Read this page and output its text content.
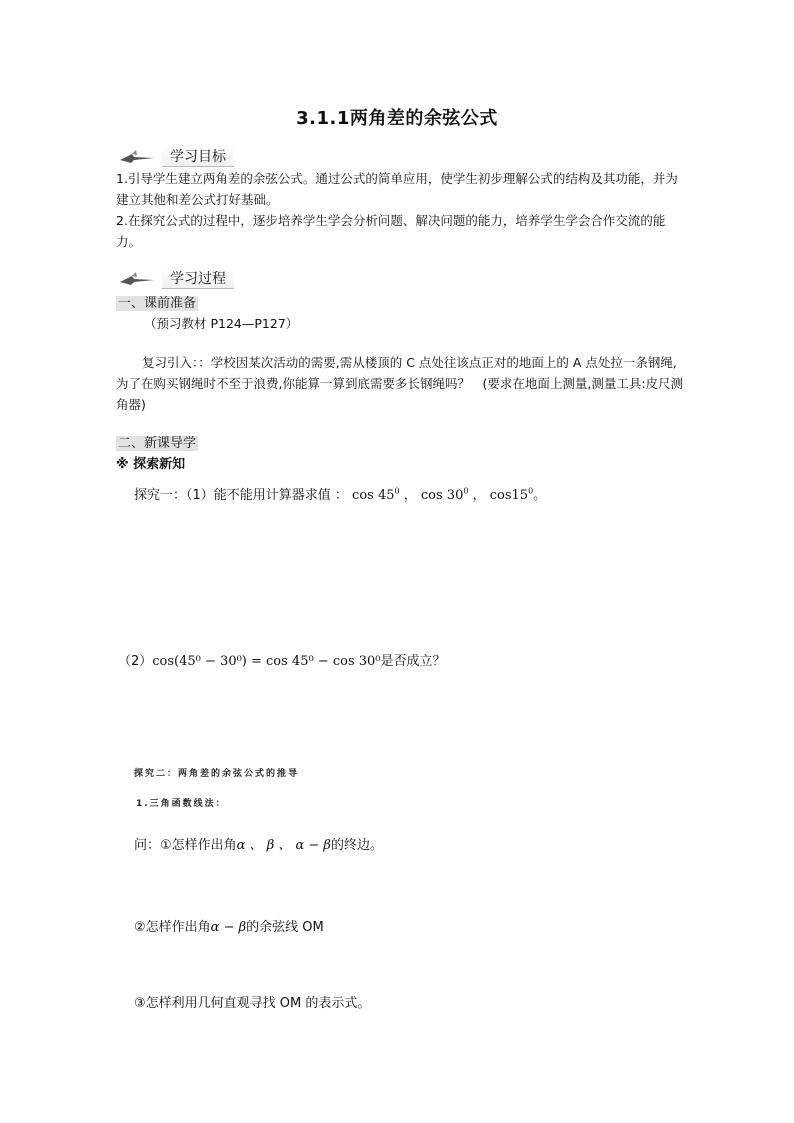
3.1.1两角差的余弦公式
学习目标
1.引导学生建立两角差的余弦公式。通过公式的简单应用，使学生初步理解公式的结构及其功能，并为建立其他和差公式打好基础。
2.在探究公式的过程中，逐步培养学生学会分析问题、解决问题的能力，培养学生学会合作交流的能力。
学习过程
一、课前准备
（预习教材 P124—P127）
复习引入：：学校因某次活动的需要,需从楼顶的 C 点处往该点正对的地面上的 A 点处拉一条钢绳,为了在购买钢绳时不至于浪费,你能算一算到底需要多长钢绳吗？　(要求在地面上测量,测量工具:皮尺测角器)
二、新课导学
※ 探索新知
探究一：（1）能不能用计算器求值 ： $\cos 45^0$ ， $\cos 30^0$ ， $\cos 15^0$。
（2）cos(45⁰ − 30⁰) = cos 45⁰ − cos 30⁰是否成立？
探究二：两角差的余弦公式的推导
1.三角函数线法：
问：①怎样作出角α 、 β 、 α − β的终边。
②怎样作出角α − β的余弦线 OM
③怎样利用几何直观寻找 OM 的表示式。
